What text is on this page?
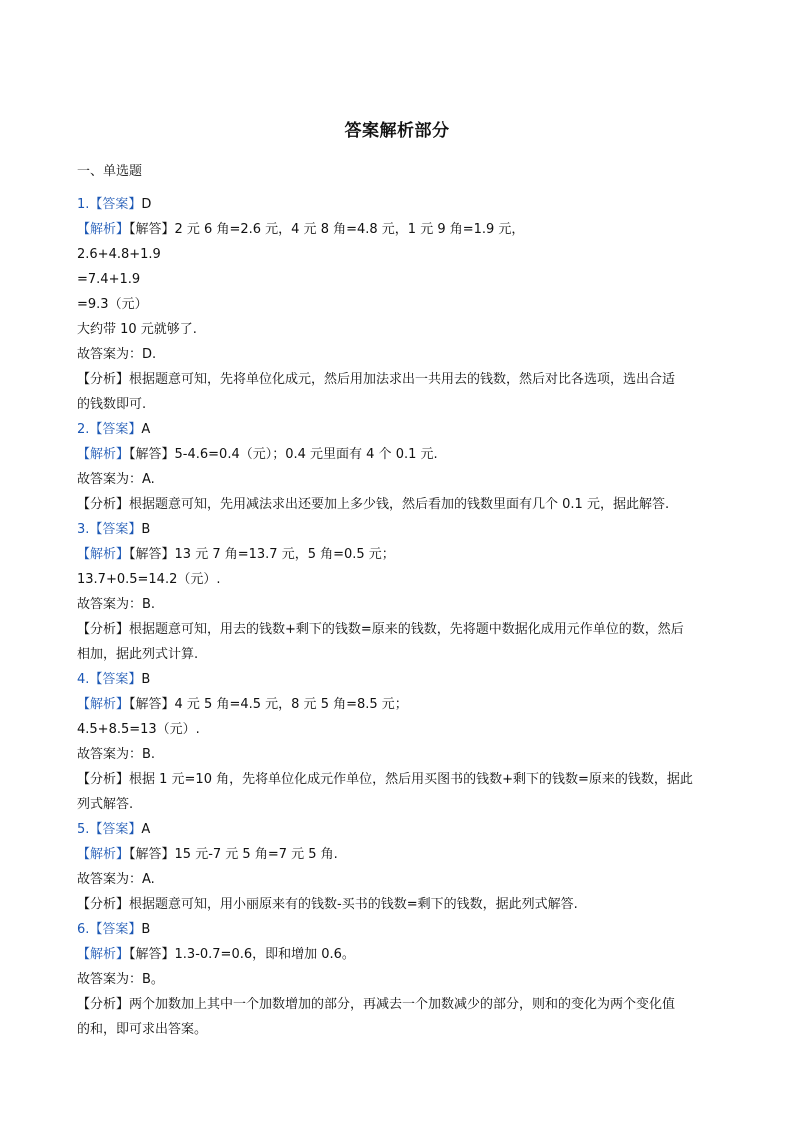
答案解析部分
一、单选题
1.【答案】D
【解析】【解答】2 元 6 角=2.6 元，4 元 8 角=4.8 元，1 元 9 角=1.9 元，
2.6+4.8+1.9
=7.4+1.9
=9.3（元）
大约带 10 元就够了.
故答案为：D.
【分析】根据题意可知，先将单位化成元，然后用加法求出一共用去的钱数，然后对比各选项，选出合适
的钱数即可.
2.【答案】A
【解析】【解答】5-4.6=0.4（元）；0.4 元里面有 4 个 0.1 元.
故答案为：A.
【分析】根据题意可知，先用减法求出还要加上多少钱，然后看加的钱数里面有几个 0.1 元，据此解答.
3.【答案】B
【解析】【解答】13 元 7 角=13.7 元，5 角=0.5 元；
13.7+0.5=14.2（元）.
故答案为：B.
【分析】根据题意可知，用去的钱数+剩下的钱数=原来的钱数，先将题中数据化成用元作单位的数，然后
相加，据此列式计算.
4.【答案】B
【解析】【解答】4 元 5 角=4.5 元，8 元 5 角=8.5 元；
4.5+8.5=13（元）.
故答案为：B.
【分析】根据 1 元=10 角，先将单位化成元作单位，然后用买图书的钱数+剩下的钱数=原来的钱数，据此
列式解答.
5.【答案】A
【解析】【解答】15 元-7 元 5 角=7 元 5 角.
故答案为：A.
【分析】根据题意可知，用小丽原来有的钱数-买书的钱数=剩下的钱数，据此列式解答.
6.【答案】B
【解析】【解答】1.3-0.7=0.6，即和增加 0.6。
故答案为：B。
【分析】两个加数加上其中一个加数增加的部分，再减去一个加数减少的部分，则和的变化为两个变化值
的和，即可求出答案。
